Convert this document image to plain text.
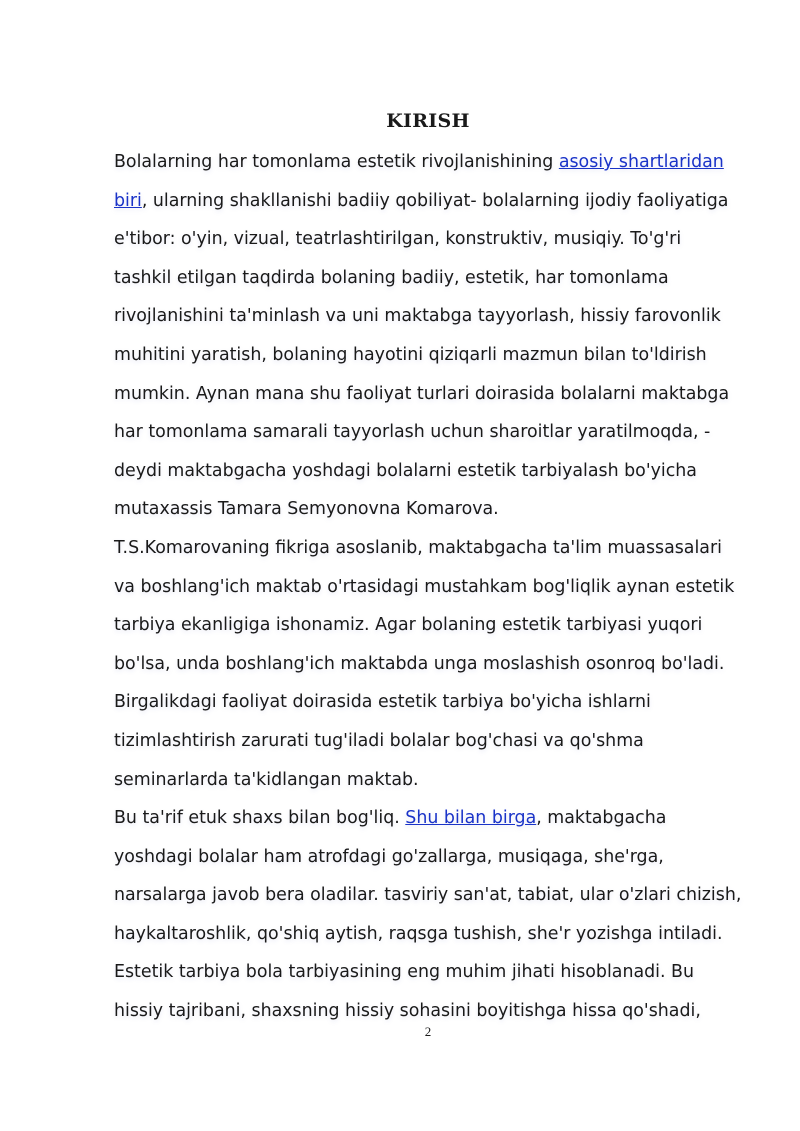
KIRISH

Bolalarning har tomonlama estetik rivojlanishining asosiy shartlaridan
biri, ularning shakllanishi badiiy qobiliyat- bolalarning ijodiy faoliyatiga
e'tibor: o'yin, vizual, teatrlashtirilgan, konstruktiv, musiqiy. To'g'ri
tashkil etilgan taqdirda bolaning badiiy, estetik, har tomonlama
rivojlanishini ta'minlash va uni maktabga tayyorlash, hissiy farovonlik
muhitini yaratish, bolaning hayotini qiziqarli mazmun bilan to'ldirish
mumkin. Aynan mana shu faoliyat turlari doirasida bolalarni maktabga
har tomonlama samarali tayyorlash uchun sharoitlar yaratilmoqda, -
deydi maktabgacha yoshdagi bolalarni estetik tarbiyalash bo'yicha
mutaxassis Tamara Semyonovna Komarova.

T.S.Komarovaning fikriga asoslanib, maktabgacha ta'lim muassasalari
va boshlang'ich maktab o'rtasidagi mustahkam bog'liqlik aynan estetik
tarbiya ekanligiga ishonamiz. Agar bolaning estetik tarbiyasi yuqori
bo'lsa, unda boshlang'ich maktabda unga moslashish osonroq bo'ladi.
Birgalikdagi faoliyat doirasida estetik tarbiya bo'yicha ishlarni
tizimlashtirish zarurati tug'iladi bolalar bog'chasi va qo'shma
seminarlarda ta'kidlangan maktab.

Bu ta'rif etuk shaxs bilan bog'liq. Shu bilan birga, maktabgacha
yoshdagi bolalar ham atrofdagi go'zallarga, musiqaga, she'rga,
narsalarga javob bera oladilar. tasviriy san'at, tabiat, ular o'zlari chizish,
haykaltaroshlik, qo'shiq aytish, raqsga tushish, she'r yozishga intiladi.
Estetik tarbiya bola tarbiyasining eng muhim jihati hisoblanadi. Bu
hissiy tajribani, shaxsning hissiy sohasini boyitishga hissa qo'shadi,

2
